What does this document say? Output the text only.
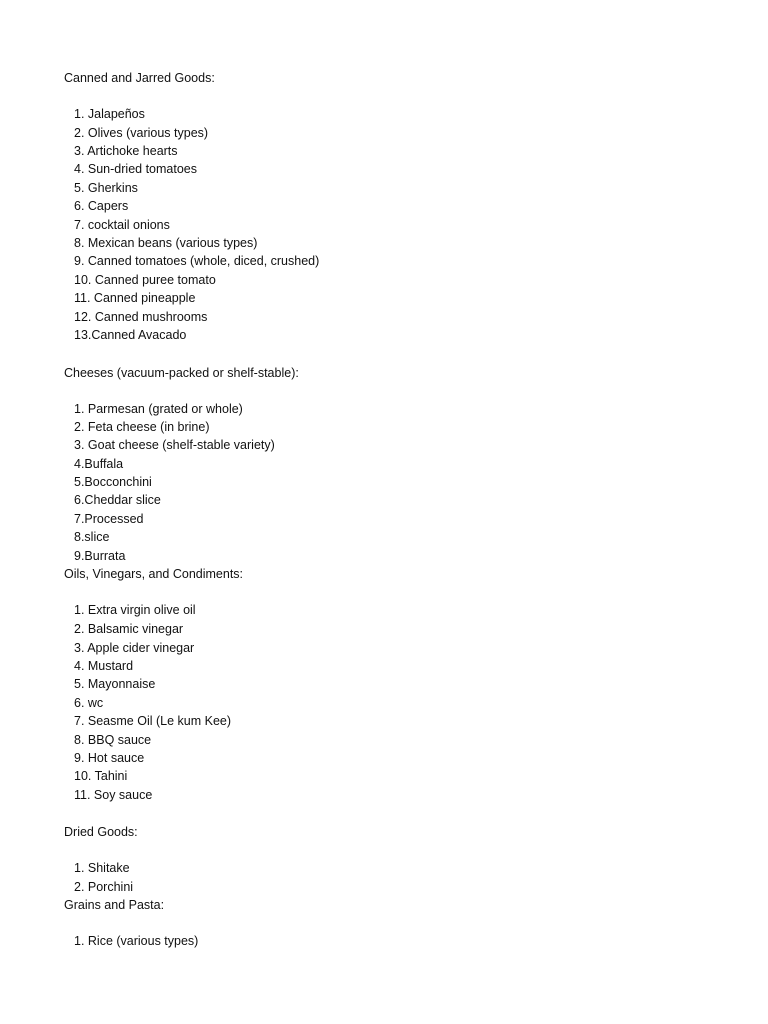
Canned and Jarred Goods:
1. Jalapeños
2. Olives (various types)
3. Artichoke hearts
4. Sun-dried tomatoes
5. Gherkins
6. Capers
7. cocktail onions
8. Mexican beans (various types)
9. Canned tomatoes (whole, diced, crushed)
10. Canned puree tomato
11. Canned pineapple
12. Canned mushrooms
13.Canned Avacado
Cheeses (vacuum-packed or shelf-stable):
1. Parmesan (grated or whole)
2. Feta cheese (in brine)
3. Goat cheese (shelf-stable variety)
4.Buffala
5.Bocconchini
6.Cheddar slice
7.Processed
8.slice
9.Burrata
Oils, Vinegars, and Condiments:
1. Extra virgin olive oil
2. Balsamic vinegar
3. Apple cider vinegar
4. Mustard
5. Mayonnaise
6. wc
7. Seasme Oil (Le kum Kee)
8. BBQ sauce
9. Hot sauce
10. Tahini
11. Soy sauce
Dried Goods:
1. Shitake
2. Porchini
Grains and Pasta:
1. Rice (various types)
